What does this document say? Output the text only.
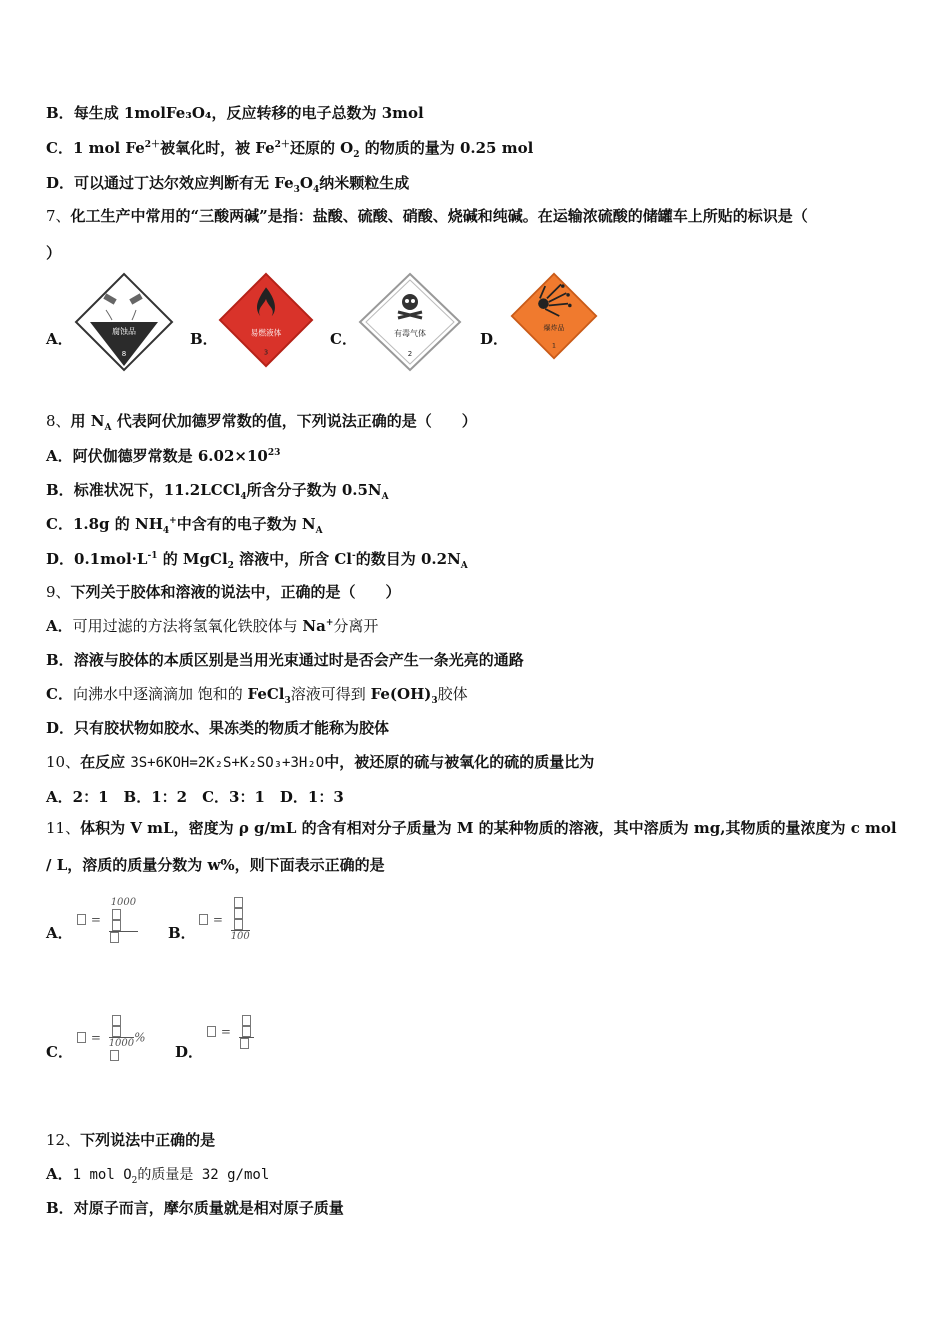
B．每生成 1molFe₃O₄，反应转移的电子总数为 3mol
C．1 mol $Fe^{2+}$被氧化时，被 $Fe^{2+}$还原的 $O_2$ 的物质的量为 0.25 mol
D．可以通过丁达尔效应判断有无 $Fe_3O_4$纳米颗粒生成
7、化工生产中常用的“三酸两碱”是指：盐酸、硫酸、硝酸、烧碱和纯碱。在运输浓硫酸的储罐车上所贴的标识是（
）
A．	腐蚀品
8
B．	易燃液体
3
C．	有毒气体
2
D．
爆炸品
1
8、用 $N_A$ 代表阿伏加德罗常数的值，下列说法正确的是（　　）
A．阿伏伽德罗常数是 $6.02\times 10^{23}$
B．标准状况下，11.2LCCl$_4$所含分子数为 $0.5N_A$
C．1.8g 的 $NH_4^+$中含有的电子数为 $N_A$
D．$0.1mol\cdot L^{-1}$ 的 MgCl$_2$ 溶液中，所含 Cl-的数目为 $0.2N_A$
9、下列关于胶体和溶液的说法中，正确的是（　　）
A．可用过滤的方法将氢氧化铁胶体与 Na+分离开
B．溶液与胶体的本质区别是当用光束通过时是否会产生一条光亮的通路
C．向沸水中逐滴滴加 饱和的 FeCl$_3$溶液可得到 $Fe(OH)_3$胶体
D．只有胶状物如胶水、果冻类的物质才能称为胶体
10、在反应 3S+6KOH=2K₂S+K₂SO₃+3H₂O中，被还原的硫与被氧化的硫的质量比为
A．2：1　B．1：2　C．3：1　D．1：3
11、体积为 V mL，密度为 ρ g/mL 的含有相对分子质量为 M 的某种物质的溶液，其中溶质为 mg,其物质的量浓度为 c mol / L，溶质的质量分数为 w%，则下面表示正确的是
A．
=
1000
B．
=
100
C．
= 1000 %
D．
=
12、下列说法中正确的是
A．1 mol $O_2$的质量是 32 g/mol
B．对原子而言，摩尔质量就是相对原子质量
